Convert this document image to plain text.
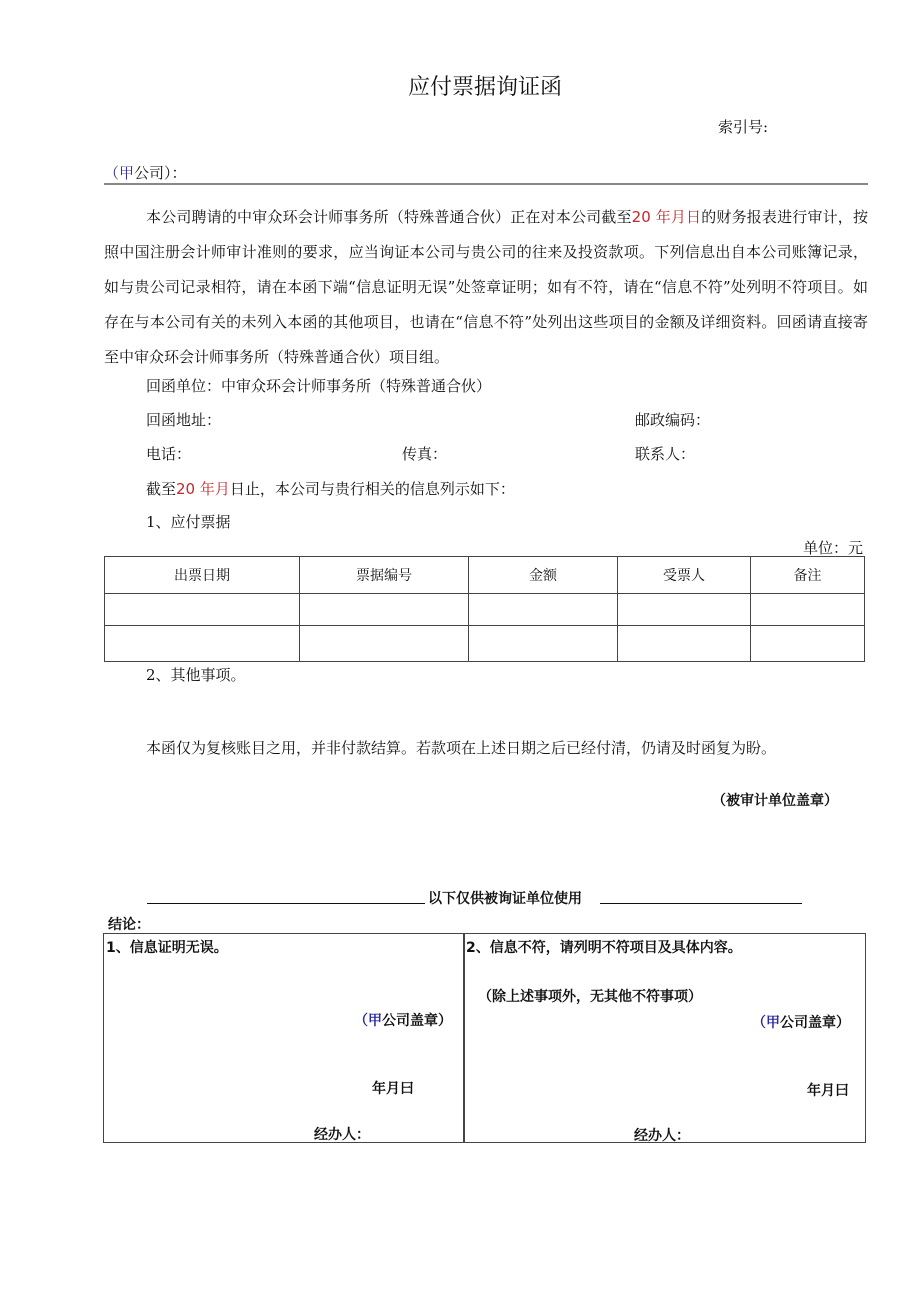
应付票据询证函
索引号:
（甲公司）：
本公司聘请的中审众环会计师事务所（特殊普通合伙）正在对本公司截至20 年月日的财务报表进行审计，按照中国注册会计师审计准则的要求，应当询证本公司与贵公司的往来及投资款项。下列信息出自本公司账簿记录，如与贵公司记录相符，请在本函下端“信息证明无误”处签章证明；如有不符，请在“信息不符”处列明不符项目。如存在与本公司有关的未列入本函的其他项目，也请在“信息不符”处列出这些项目的金额及详细资料。回函请直接寄至中审众环会计师事务所（特殊普通合伙）项目组。
回函单位：中审众环会计师事务所（特殊普通合伙）
回函地址：	邮政编码：
电话：	传真：	联系人：
截至20 年月日止，本公司与贵行相关的信息列示如下：
1、应付票据
单位：元
出票日期	票据编号	金额	受票人	备注

2、其他事项。
本函仅为复核账目之用，并非付款结算。若款项在上述日期之后已经付清，仍请及时函复为盼。
（被审计单位盖章）
以下仅供被询证单位使用
结论：
1、信息证明无误。
（甲公司盖章）
年月曰
经办人：
2、信息不符，请列明不符项目及具体内容。
（除上述事项外，无其他不符事项）
（甲公司盖章）
年月曰
经办人：
